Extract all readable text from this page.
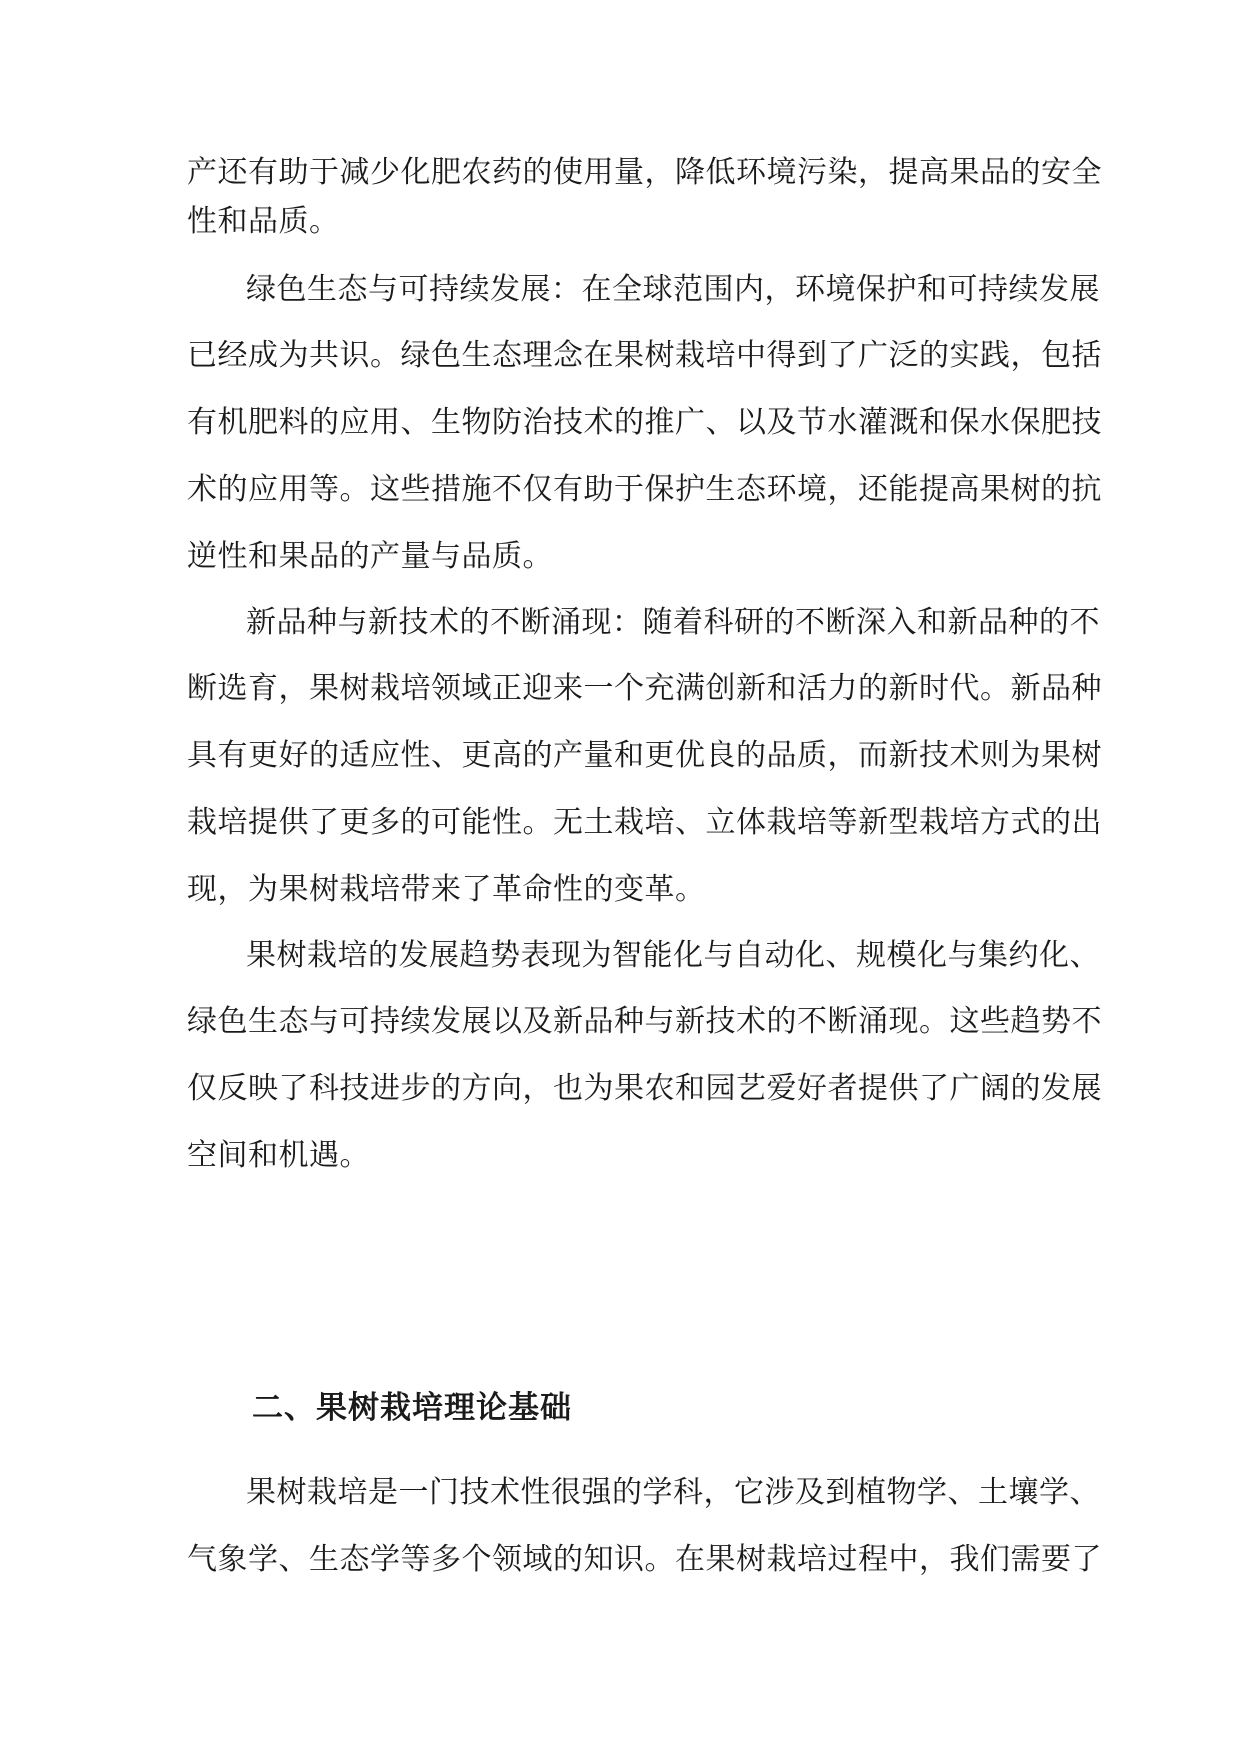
产还有助于减少化肥农药的使用量，降低环境污染，提高果品的安全
性和品质。
绿色生态与可持续发展：在全球范围内，环境保护和可持续发展
已经成为共识。绿色生态理念在果树栽培中得到了广泛的实践，包括
有机肥料的应用、生物防治技术的推广、以及节水灌溉和保水保肥技
术的应用等。这些措施不仅有助于保护生态环境，还能提高果树的抗
逆性和果品的产量与品质。
新品种与新技术的不断涌现：随着科研的不断深入和新品种的不
断选育，果树栽培领域正迎来一个充满创新和活力的新时代。新品种
具有更好的适应性、更高的产量和更优良的品质，而新技术则为果树
栽培提供了更多的可能性。无土栽培、立体栽培等新型栽培方式的出
现，为果树栽培带来了革命性的变革。
果树栽培的发展趋势表现为智能化与自动化、规模化与集约化、
绿色生态与可持续发展以及新品种与新技术的不断涌现。这些趋势不
仅反映了科技进步的方向，也为果农和园艺爱好者提供了广阔的发展
空间和机遇。
二、果树栽培理论基础
果树栽培是一门技术性很强的学科，它涉及到植物学、土壤学、
气象学、生态学等多个领域的知识。在果树栽培过程中，我们需要了
